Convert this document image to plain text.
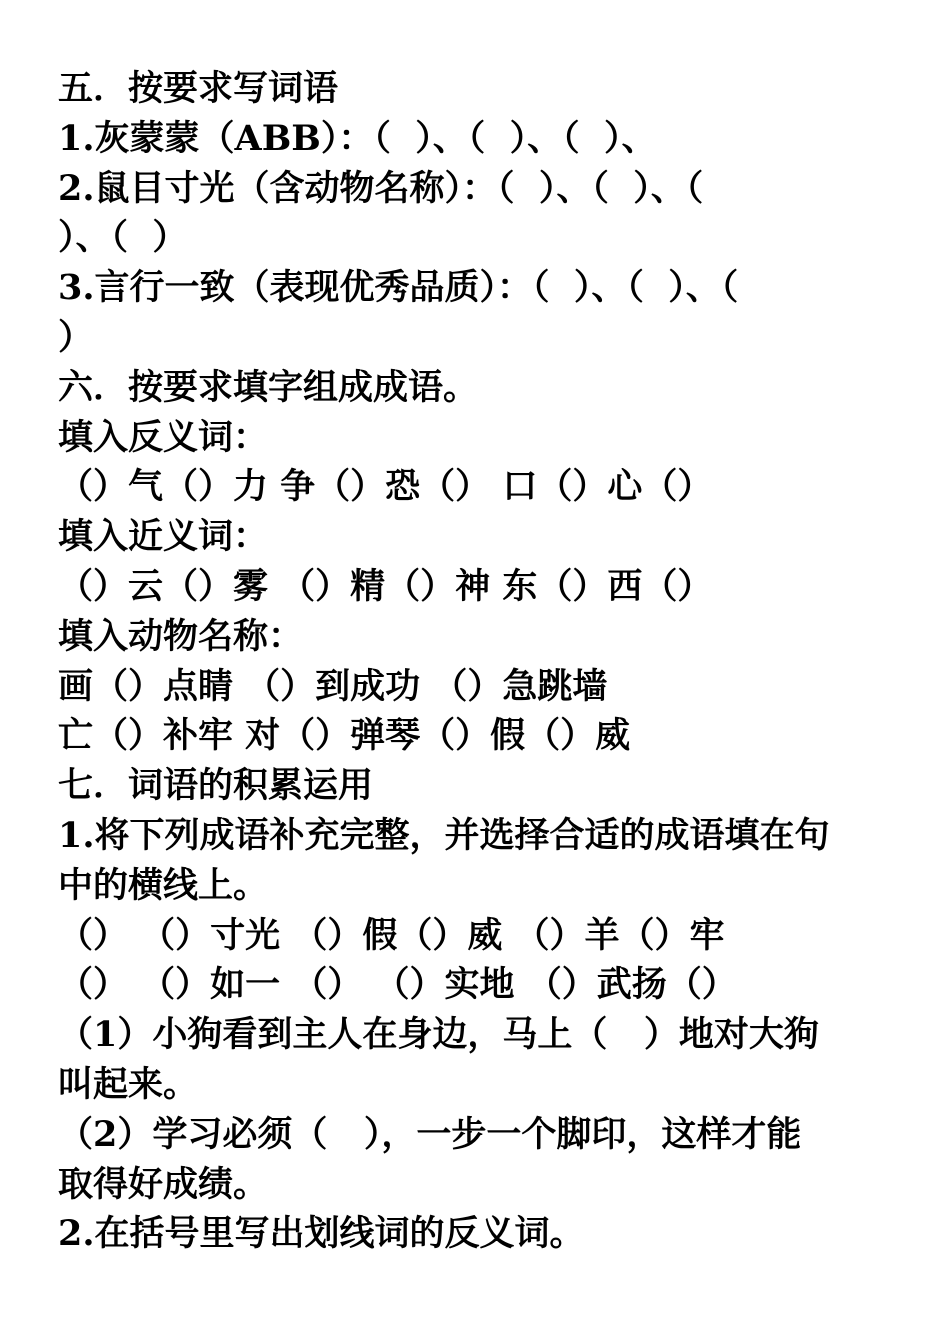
五．按要求写词语
1.灰蒙蒙（ABB）：（  ）、（  ）、（  ）、
2.鼠目寸光（含动物名称）：（  ）、（  ）、（
）、（  ）
3.言行一致（表现优秀品质）：（  ）、（  ）、（
）
六．按要求填字组成成语。
填入反义词：
（）气（）力 争（）恐（） 口（）心（）
填入近义词：
（）云（）雾 （）精（）神 东（）西（）
填入动物名称：
画（）点睛 （）到成功 （）急跳墙
亡（）补牢 对（）弹琴（）假（）威
七．词语的积累运用
1.将下列成语补充完整，并选择合适的成语填在句
中的横线上。
（） （）寸光 （）假（）威 （）羊（）牢
（） （）如一 （） （）实地 （）武扬（）
（1）小狗看到主人在身边，马上（   ）地对大狗
叫起来。
（2）学习必须（   ），一步一个脚印，这样才能
取得好成绩。
2.在括号里写出划线词的反义词。
